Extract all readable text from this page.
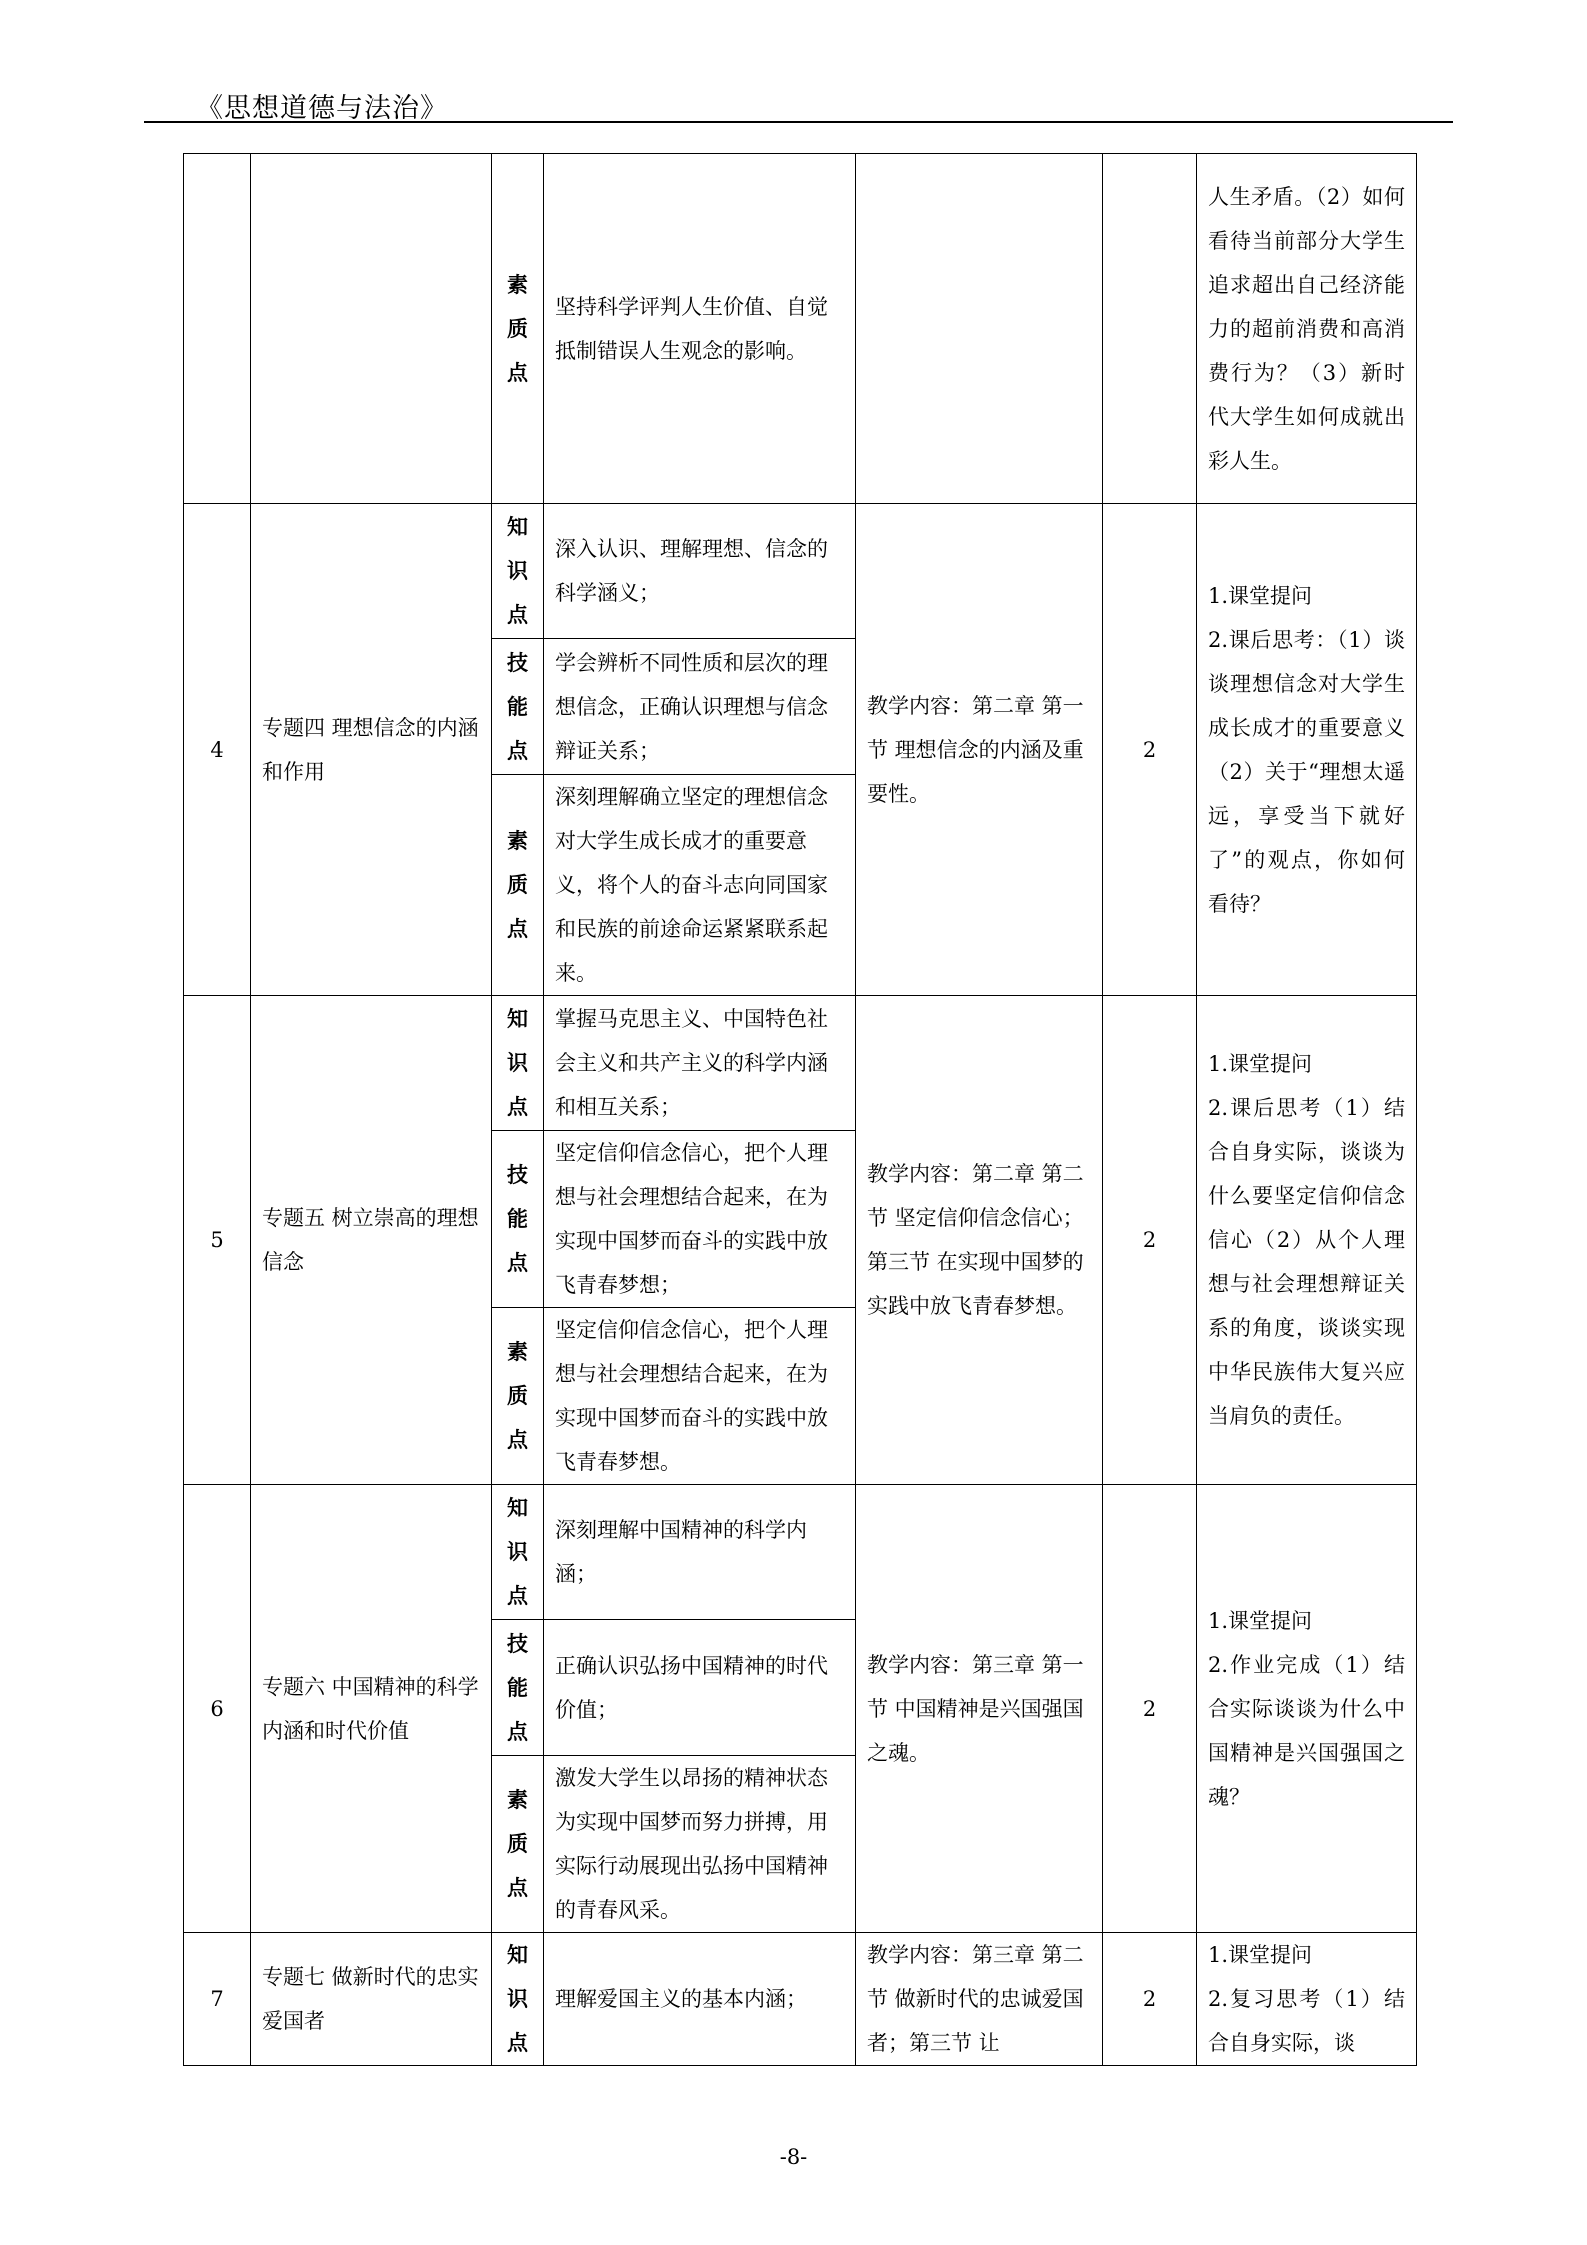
《思想道德与法治》
		素质点	坚持科学评判人生价值、自觉抵制错误人生观念的影响。			人生矛盾。（2）如何看待当前部分大学生追求超出自己经济能力的超前消费和高消费行为？（3）新时代大学生如何成就出彩人生。
4	专题四 理想信念的内涵和作用	知识点	深入认识、理解理想、信念的科学涵义；	教学内容：第二章 第一节 理想信念的内涵及重要性。	2	1.课堂提问
2.课后思考：（1）谈谈理想信念对大学生成长成才的重要意义（2）关于“理想太遥远，享受当下就好了”的观点，你如何看待？
		技能点	学会辨析不同性质和层次的理想信念，正确认识理想与信念辩证关系；			
		素质点	深刻理解确立坚定的理想信念对大学生成长成才的重要意义，将个人的奋斗志向同国家和民族的前途命运紧紧联系起来。			
5	专题五 树立崇高的理想信念	知识点	掌握马克思主义、中国特色社会主义和共产主义的科学内涵和相互关系；	教学内容：第二章 第二节 坚定信仰信念信心；第三节 在实现中国梦的实践中放飞青春梦想。	2	1.课堂提问
2.课后思考（1）结合自身实际，谈谈为什么要坚定信仰信念信心（2）从个人理想与社会理想辩证关系的角度，谈谈实现中华民族伟大复兴应当肩负的责任。
		技能点	坚定信仰信念信心，把个人理想与社会理想结合起来，在为实现中国梦而奋斗的实践中放飞青春梦想；			
		素质点	坚定信仰信念信心，把个人理想与社会理想结合起来，在为实现中国梦而奋斗的实践中放飞青春梦想。			
6	专题六 中国精神的科学内涵和时代价值	知识点	深刻理解中国精神的科学内涵；	教学内容：第三章 第一节 中国精神是兴国强国之魂。	2	1.课堂提问
2.作业完成（1）结合实际谈谈为什么中国精神是兴国强国之魂？
		技能点	正确认识弘扬中国精神的时代价值；			
		素质点	激发大学生以昂扬的精神状态为实现中国梦而努力拼搏，用实际行动展现出弘扬中国精神的青春风采。			
7	专题七 做新时代的忠实爱国者	知识点	理解爱国主义的基本内涵；	教学内容：第三章 第二节 做新时代的忠诚爱国者；第三节 让	2	1.课堂提问
2.复习思考（1）结合自身实际，谈
-8-
